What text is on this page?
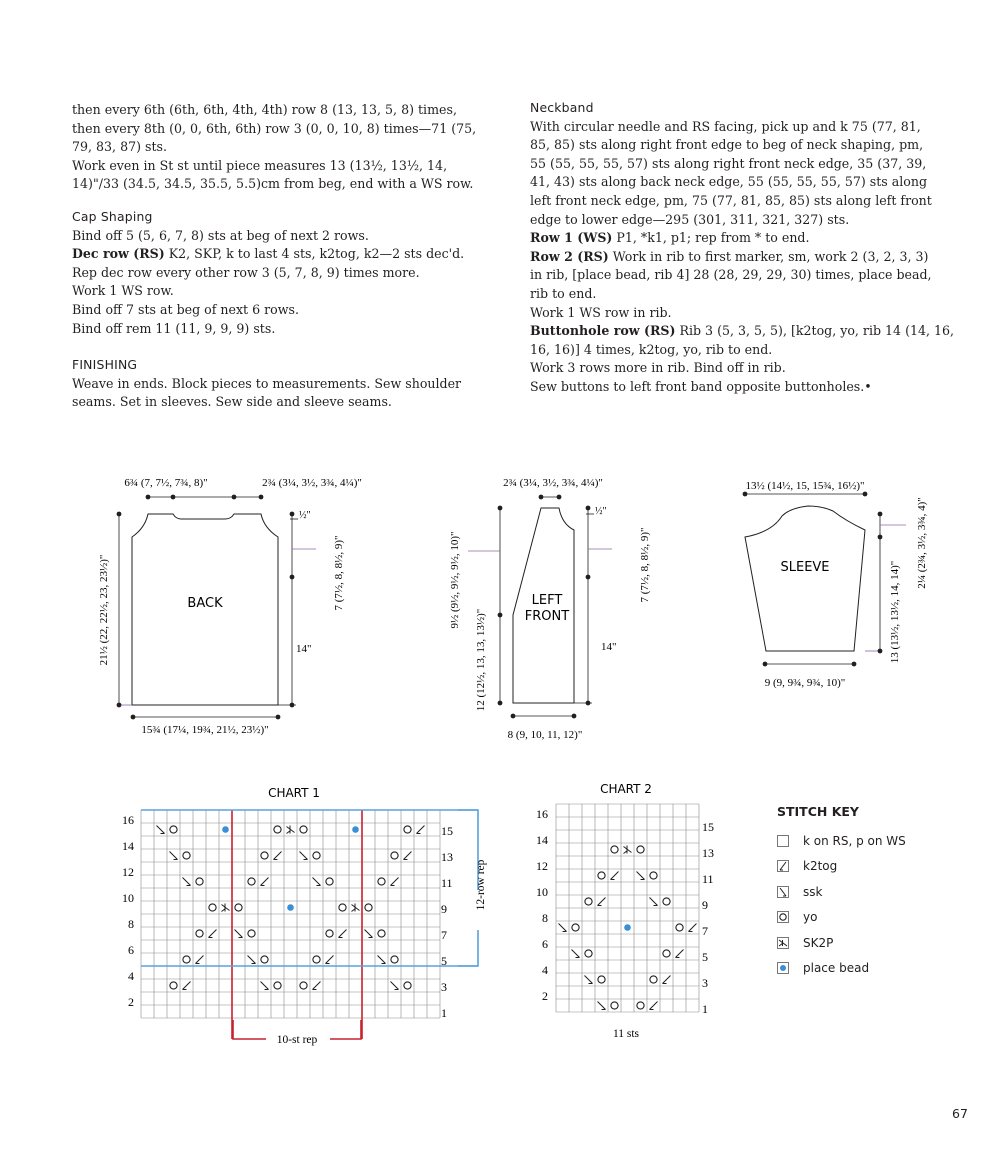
then every 6th (6th, 6th, 4th, 4th) row 8 (13, 13, 5, 8) times,

then every 8th (0, 0, 6th, 6th) row 3 (0, 0, 10, 8) times—71 (75,

79, 83, 87) sts.

Work even in St st until piece measures 13 (13½, 13½, 14,

14)"/33 (34.5, 34.5, 35.5, 5.5)cm from beg, end with a WS row.

Cap Shaping

Bind off 5 (5, 6, 7, 8) sts at beg of next 2 rows.

Dec row (RS) K2, SKP, k to last 4 sts, k2tog, k2—2 sts dec'd.

Rep dec row every other row 3 (5, 7, 8, 9) times more.

Work 1 WS row.

Bind off 7 sts at beg of next 6 rows.

Bind off rem 11 (11, 9, 9, 9) sts.

FINISHING

Weave in ends. Block pieces to measurements. Sew shoulder

seams. Set in sleeves. Sew side and sleeve seams.

Neckband

With circular needle and RS facing, pick up and k 75 (77, 81,

85, 85) sts along right front edge to beg of neck shaping, pm,

55 (55, 55, 55, 57) sts along right front neck edge, 35 (37, 39,

41, 43) sts along back neck edge, 55 (55, 55, 55, 57) sts along

left front neck edge, pm, 75 (77, 81, 85, 85) sts along left front

edge to lower edge—295 (301, 311, 321, 327) sts.

Row 1 (WS) P1, *k1, p1; rep from * to end.

Row 2 (RS) Work in rib to first marker, sm, work 2 (3, 2, 3, 3)

in rib, [place bead, rib 4] 28 (28, 29, 29, 30) times, place bead,

rib to end.

Work 1 WS row in rib.

Buttonhole row (RS) Rib 3 (5, 3, 5, 5), [k2tog, yo, rib 14 (14, 16,

16, 16)] 4 times, k2tog, yo, rib to end.

Work 3 rows more in rib. Bind off in rib.

Sew buttons to left front band opposite buttonholes.•

BACK
6¾ (7, 7½, 7¾, 8)"	2¾ (3¼, 3½, 3¾, 4¼)"
½"
14"
15¾ (17¼, 19¾, 21½, 23½)"
21½ (22, 22½, 23, 23½)"	7 (7½, 8, 8½, 9)"	LEFT
FRONT
2¾ (3¼, 3½, 3¾, 4¼)"
½"
14"
8 (9, 10, 11, 12)"
9½ (9½, 9½, 9½, 10)"
12 (12½, 13, 13, 13½)"
7 (7½, 8, 8½, 9)"	SLEEVE
13½ (14½, 15, 15¾, 16½)"
9 (9, 9¾, 9¾, 10)"
13 (13½, 13½, 14, 14)"
2¼ (2¾, 3½, 3¾, 4)"
CHART 1	CHART 2
16
14
12
10
8
6
4
2
15
13
11
9
7
5
3
1
16
14
12
10
8
6
4
2
15
13
11
9
7
5
3
1
12-row rep
10-st rep	11 sts
STITCH KEY
k on RS, p on WS
k2tog
ssk
yo
SK2P
place bead
67
